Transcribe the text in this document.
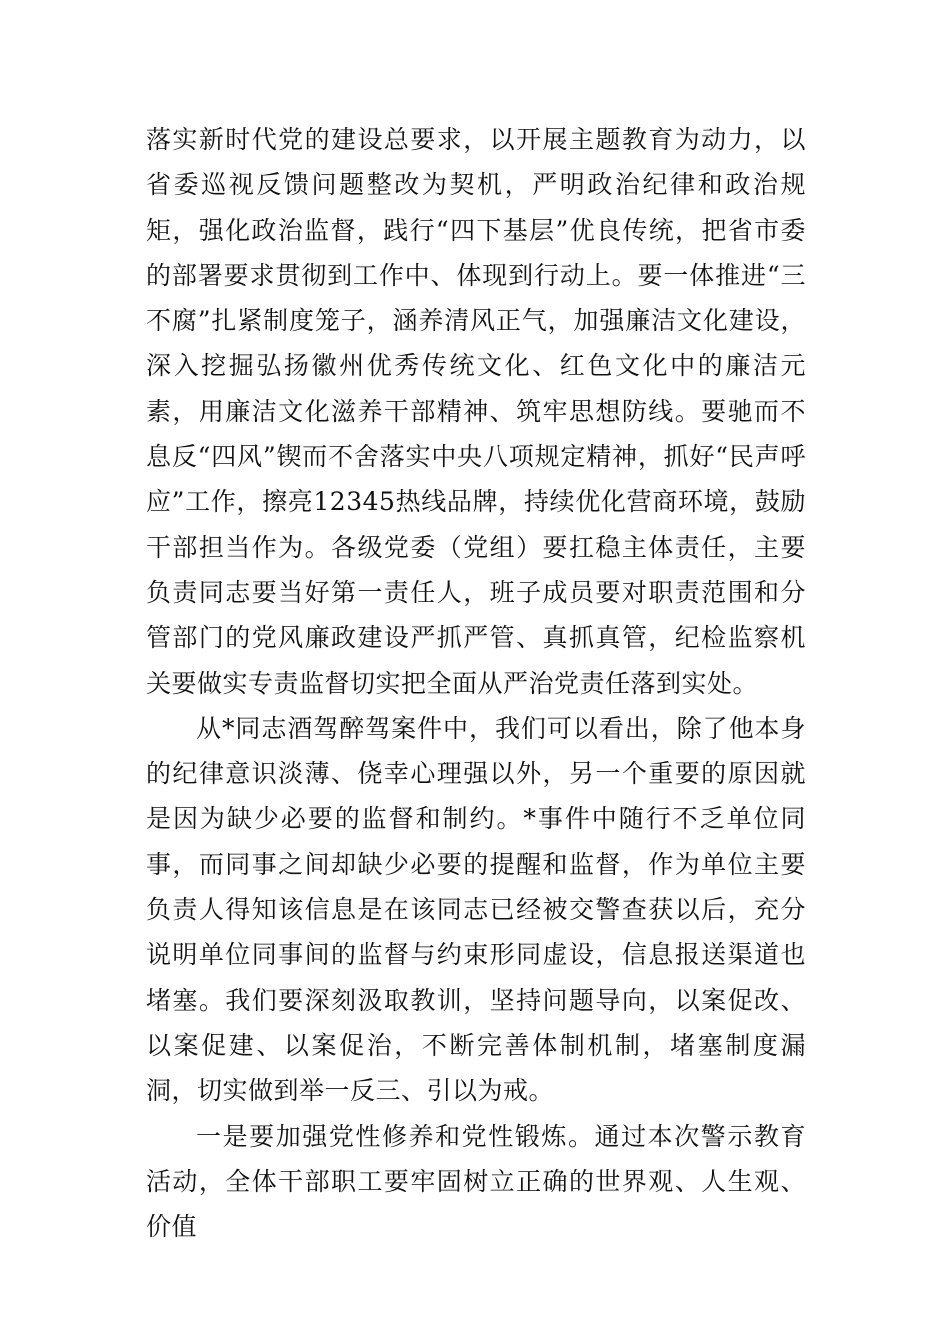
落实新时代党的建设总要求，以开展主题教育为动力，以省委巡视反馈问题整改为契机，严明政治纪律和政治规矩，强化政治监督，践行“四下基层”优良传统，把省市委的部署要求贯彻到工作中、体现到行动上。要一体推进“三不腐”扎紧制度笼子，涵养清风正气，加强廉洁文化建设，深入挖掘弘扬徽州优秀传统文化、红色文化中的廉洁元素，用廉洁文化滋养干部精神、筑牢思想防线。要驰而不息反“四风”锲而不舍落实中央八项规定精神，抓好“民声呼应”工作，擦亮12345热线品牌，持续优化营商环境，鼓励干部担当作为。各级党委（党组）要扛稳主体责任，主要负责同志要当好第一责任人，班子成员要对职责范围和分管部门的党风廉政建设严抓严管、真抓真管，纪检监察机关要做实专责监督切实把全面从严治党责任落到实处。

从*同志酒驾醉驾案件中，我们可以看出，除了他本身的纪律意识淡薄、侥幸心理强以外，另一个重要的原因就是因为缺少必要的监督和制约。*事件中随行不乏单位同事，而同事之间却缺少必要的提醒和监督，作为单位主要负责人得知该信息是在该同志已经被交警查获以后，充分说明单位同事间的监督与约束形同虚设，信息报送渠道也堵塞。我们要深刻汲取教训，坚持问题导向，以案促改、以案促建、以案促治，不断完善体制机制，堵塞制度漏洞，切实做到举一反三、引以为戒。

一是要加强党性修养和党性锻炼。通过本次警示教育活动，全体干部职工要牢固树立正确的世界观、人生观、价值
